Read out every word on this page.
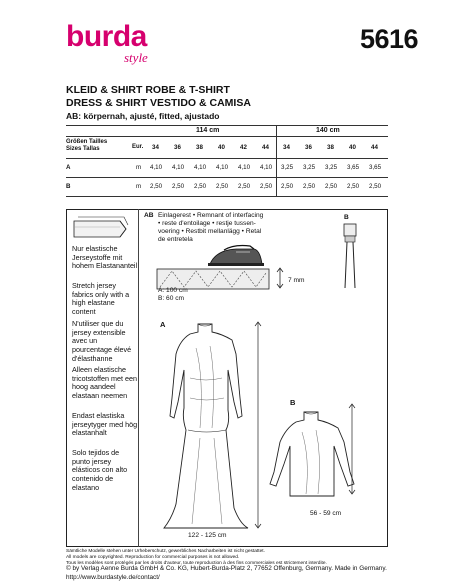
burda
style
5616
KLEID & SHIRT ROBE & T-SHIRT
DRESS & SHIRT VESTIDO & CAMISA
AB: körpernah, ajusté, fitted, ajustado
114 cm	140 cm
Größen Tailles
Sizes Tallas	Eur. 34 36 38 40 42 44 34 36 38 40 44
A	m 4,10 4,10 4,10 4,10 4,10 4,10 3,25 3,25 3,25 3,65 3,65
B	m 2,50 2,50 2,50 2,50 2,50 2,50 2,50 2,50 2,50 2,50 2,50
Nur elastische Jerseystoffe mit hohem Elastananteil
Stretch jersey fabrics only with a high elastane content
N'utiliser que du jersey extensible avec un pourcentage élevé d'élasthanne
Alleen elastische tricotstoffen met een hoog aandeel elastaan neemen
Endast elastiska jerseytyger med hög elastanhalt
Solo tejidos de punto jersey elásticos con alto contenido de elastano
AB Einlagerest • Remnant of interfacing
• reste d'entoilage • restje tussen-
voering • Restbit mellanlägg • Retal
de entretela
7 mm
A: 100 cm
B: 60 cm
B
A
122 - 125 cm
B
56 - 59 cm
Sämtliche Modelle stehen unter Urheberschutz, gewerbliches Nacharbeiten ist nicht gestattet.
All models are copyrighted. Reproduction for commercial purposes is not allowed.
Tous les modèles sont protégés par les droits d'auteur, toute reproduction à des fins commerciales est strictement interdite.
© by Verlag Aenne Burda GmbH & Co. KG, Hubert-Burda-Platz 2, 77652 Offenburg, Germany. Made in Germany.
http://www.burdastyle.de/contact/
